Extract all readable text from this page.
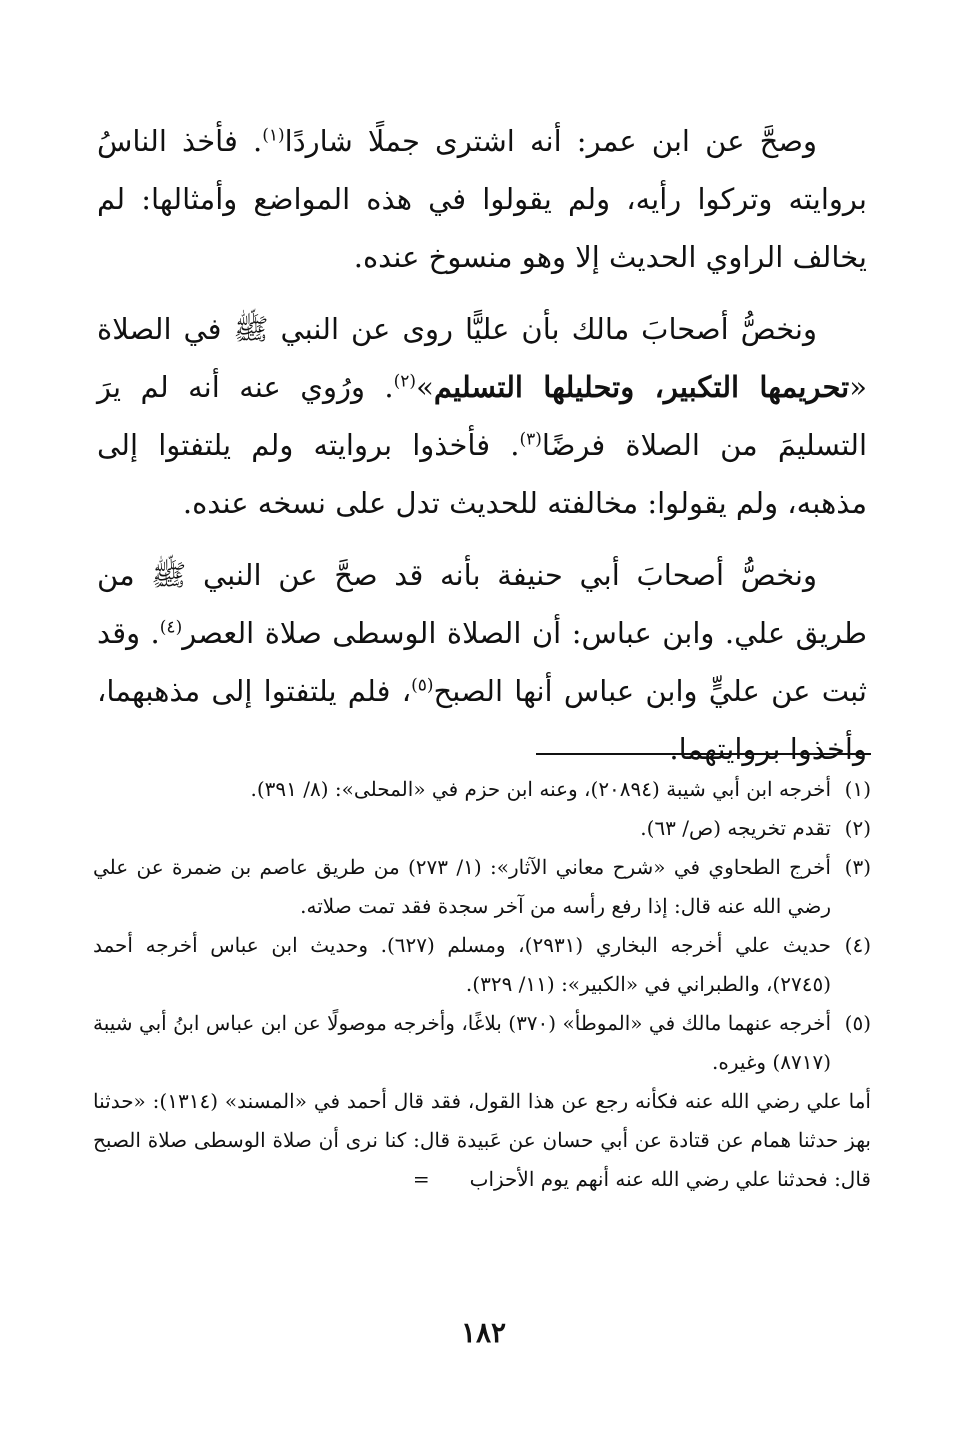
وصحَّ عن ابن عمر: أنه اشترى جملًا شاردًا$^{(١)}$. فأخذ الناسُ بروايته وتركوا رأيه، ولم يقولوا في هذه المواضع وأمثالها: لم يخالف الراوي الحديث إلا وهو منسوخ عنده.

ونخصُّ أصحابَ مالك بأن عليًّا روى عن النبي ﷺ في الصلاة «تحريمها التكبير، وتحليلها التسليم»$^{(٢)}$. ورُوي عنه أنه لم يرَ التسليمَ من الصلاة فرضًا$^{(٣)}$. فأخذوا بروايته ولم يلتفتوا إلى مذهبه، ولم يقولوا: مخالفته للحديث تدل على نسخه عنده.

ونخصُّ أصحابَ أبي حنيفة بأنه قد صحَّ عن النبي ﷺ من طريق علي. وابن عباس: أن الصلاة الوسطى صلاة العصر$^{(٤)}$. وقد ثبت عن عليٍّ وابن عباس أنها الصبح$^{(٥)}$، فلم يلتفتوا إلى مذهبهما، وأخذوا بروايتهما.

(١)
أخرجه ابن أبي شيبة (٢٠٨٩٤)، وعنه ابن حزم في «المحلى»: (٨/ ٣٩١).
(٢)
تقدم تخريجه (ص/ ٦٣).
(٣)
أخرج الطحاوي في «شرح معاني الآثار»: (١/ ٢٧٣) من طريق عاصم بن ضمرة عن علي رضي الله عنه قال: إذا رفع رأسه من آخر سجدة فقد تمت صلاته.
(٤)
حديث علي أخرجه البخاري (٢٩٣١)، ومسلم (٦٢٧). وحديث ابن عباس أخرجه أحمد (٢٧٤٥)، والطبراني في «الكبير»: (١١/ ٣٢٩).
(٥)
أخرجه عنهما مالك في «الموطأ» (٣٧٠) بلاغًا، وأخرجه موصولًا عن ابن عباس ابنُ أبي شيبة (٨٧١٧) وغيره.

أما علي رضي الله عنه فكأنه رجع عن هذا القول، فقد قال أحمد في «المسند» (١٣١٤): «حدثنا بهز حدثنا همام عن قتادة عن أبي حسان عن عَبيدة قال: كنا نرى أن صلاة الوسطى صلاة الصبح قال: فحدثنا علي رضي الله عنه أنهم يوم الأحزاب=

١٨٢
